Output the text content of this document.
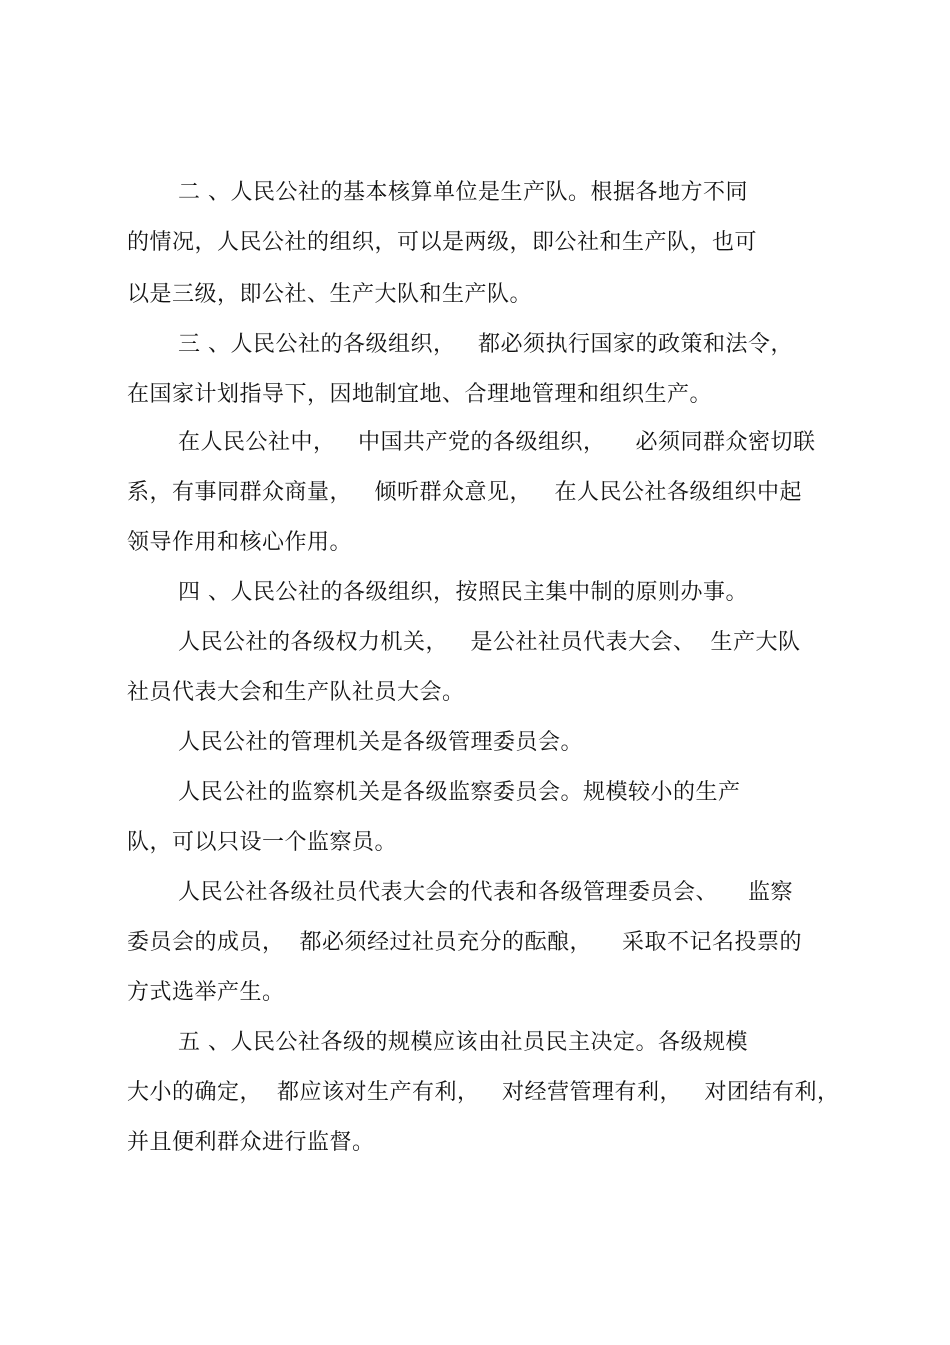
二 、人民公社的基本核算单位是生产队。根据各地方不同
的情况，人民公社的组织，可以是两级，即公社和生产队，也可
以是三级，即公社、生产大队和生产队。
三 、人民公社的各级组织，   都必须执行国家的政策和法令，
在国家计划指导下，因地制宜地、合理地管理和组织生产。
在人民公社中，   中国共产党的各级组织，    必须同群众密切联
系，有事同群众商量，   倾听群众意见，   在人民公社各级组织中起
领导作用和核心作用。
四 、人民公社的各级组织，按照民主集中制的原则办事。
人民公社的各级权力机关，   是公社社员代表大会、  生产大队
社员代表大会和生产队社员大会。
人民公社的管理机关是各级管理委员会。
人民公社的监察机关是各级监察委员会。规模较小的生产
队，可以只设一个监察员。
人民公社各级社员代表大会的代表和各级管理委员会、    监察
委员会的成员，  都必须经过社员充分的酝酿，    采取不记名投票的
方式选举产生。
五 、人民公社各级的规模应该由社员民主决定。各级规模
大小的确定，  都应该对生产有利，   对经营管理有利，   对团结有利，
并且便利群众进行监督。
